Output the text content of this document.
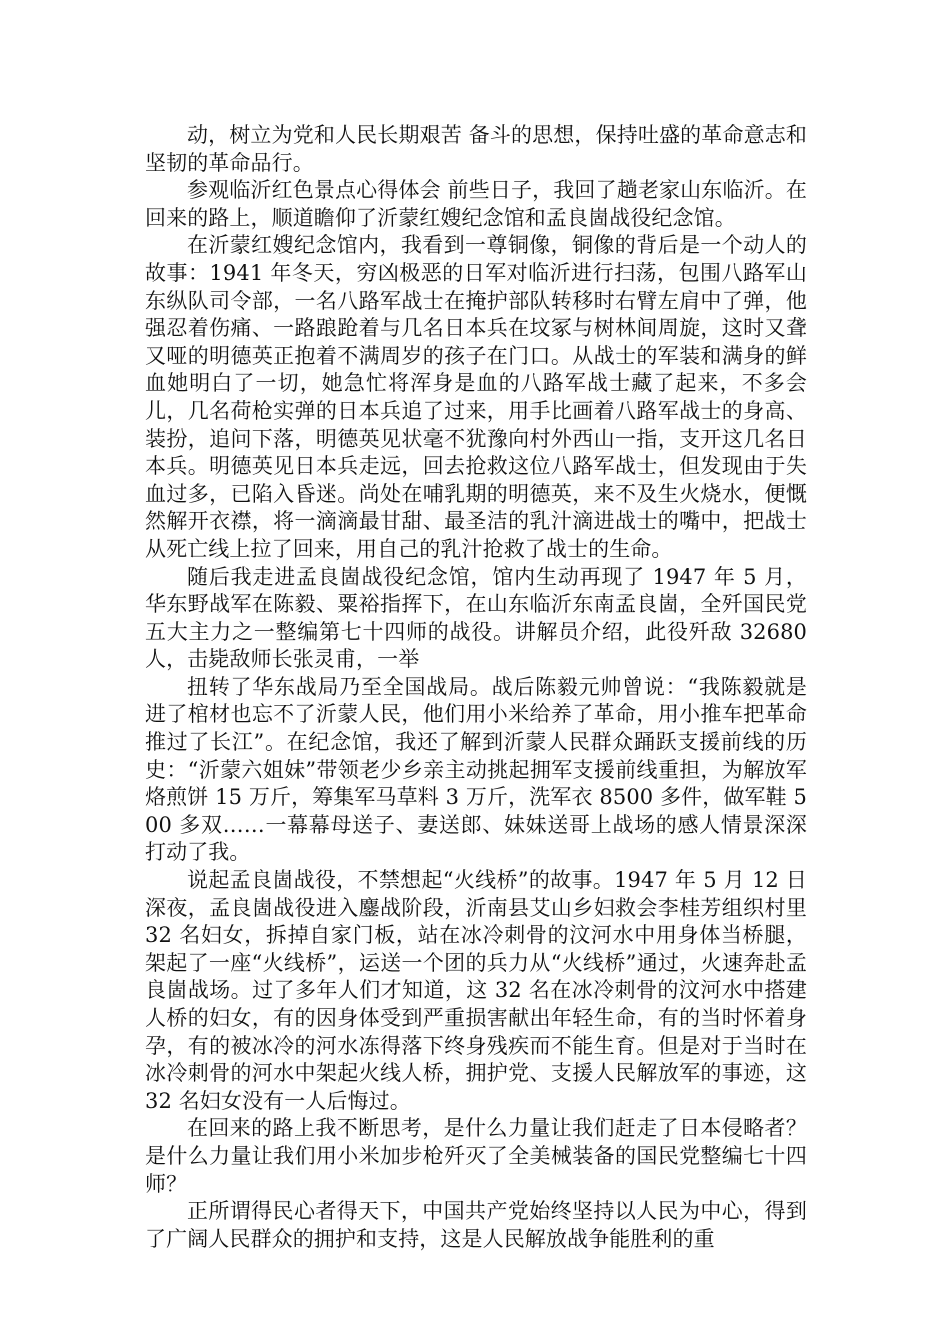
动，树立为党和人民长期艰苦 备斗的思想，保持吐盛的革命意志和坚韧的革命品行。

参观临沂红色景点心得体会 前些日子，我回了趟老家山东临沂。在回来的路上，顺道瞻仰了沂蒙红嫂纪念馆和孟良崮战役纪念馆。

在沂蒙红嫂纪念馆内，我看到一尊铜像，铜像的背后是一个动人的故事：1941 年冬天，穷凶极恶的日军对临沂进行扫荡，包围八路军山东纵队司令部，一名八路军战士在掩护部队转移时右臂左肩中了弹，他强忍着伤痛、一路踉跄着与几名日本兵在坟冢与树林间周旋，这时又聋又哑的明德英正抱着不满周岁的孩子在门口。从战士的军装和满身的鲜血她明白了一切，她急忙将浑身是血的八路军战士藏了起来，不多会儿，几名荷枪实弹的日本兵追了过来，用手比画着八路军战士的身高、装扮，追问下落，明德英见状毫不犹豫向村外西山一指，支开这几名日本兵。明德英见日本兵走远，回去抢救这位八路军战士，但发现由于失血过多，已陷入昏迷。尚处在哺乳期的明德英，来不及生火烧水，便慨然解开衣襟，将一滴滴最甘甜、最圣洁的乳汁滴进战士的嘴中，把战士从死亡线上拉了回来，用自己的乳汁抢救了战士的生命。

随后我走进孟良崮战役纪念馆，馆内生动再现了 1947 年 5 月，华东野战军在陈毅、粟裕指挥下，在山东临沂东南孟良崮，全歼国民党五大主力之一整编第七十四师的战役。讲解员介绍，此役歼敌 32680 人，击毙敌师长张灵甫，一举

扭转了华东战局乃至全国战局。战后陈毅元帅曾说：“我陈毅就是进了棺材也忘不了沂蒙人民，他们用小米给养了革命，用小推车把革命推过了长江”。在纪念馆，我还了解到沂蒙人民群众踊跃支援前线的历史：“沂蒙六姐妹”带领老少乡亲主动挑起拥军支援前线重担，为解放军烙煎饼 15 万斤，筹集军马草料 3 万斤，洗军衣 8500 多件，做军鞋 500 多双……一幕幕母送子、妻送郎、妹妹送哥上战场的感人情景深深打动了我。

说起孟良崮战役，不禁想起“火线桥”的故事。1947 年 5 月 12 日深夜，孟良崮战役进入鏖战阶段，沂南县艾山乡妇救会李桂芳组织村里 32 名妇女，拆掉自家门板，站在冰冷刺骨的汶河水中用身体当桥腿，架起了一座“火线桥”，运送一个团的兵力从“火线桥”通过，火速奔赴孟良崮战场。过了多年人们才知道，这 32 名在冰冷刺骨的汶河水中搭建人桥的妇女，有的因身体受到严重损害献出年轻生命，有的当时怀着身孕，有的被冰冷的河水冻得落下终身残疾而不能生育。但是对于当时在冰冷刺骨的河水中架起火线人桥，拥护党、支援人民解放军的事迹，这 32 名妇女没有一人后悔过。

在回来的路上我不断思考，是什么力量让我们赶走了日本侵略者？是什么力量让我们用小米加步枪歼灭了全美械装备的国民党整编七十四师？

正所谓得民心者得天下，中国共产党始终坚持以人民为中心，得到了广阔人民群众的拥护和支持，这是人民解放战争能胜利的重
